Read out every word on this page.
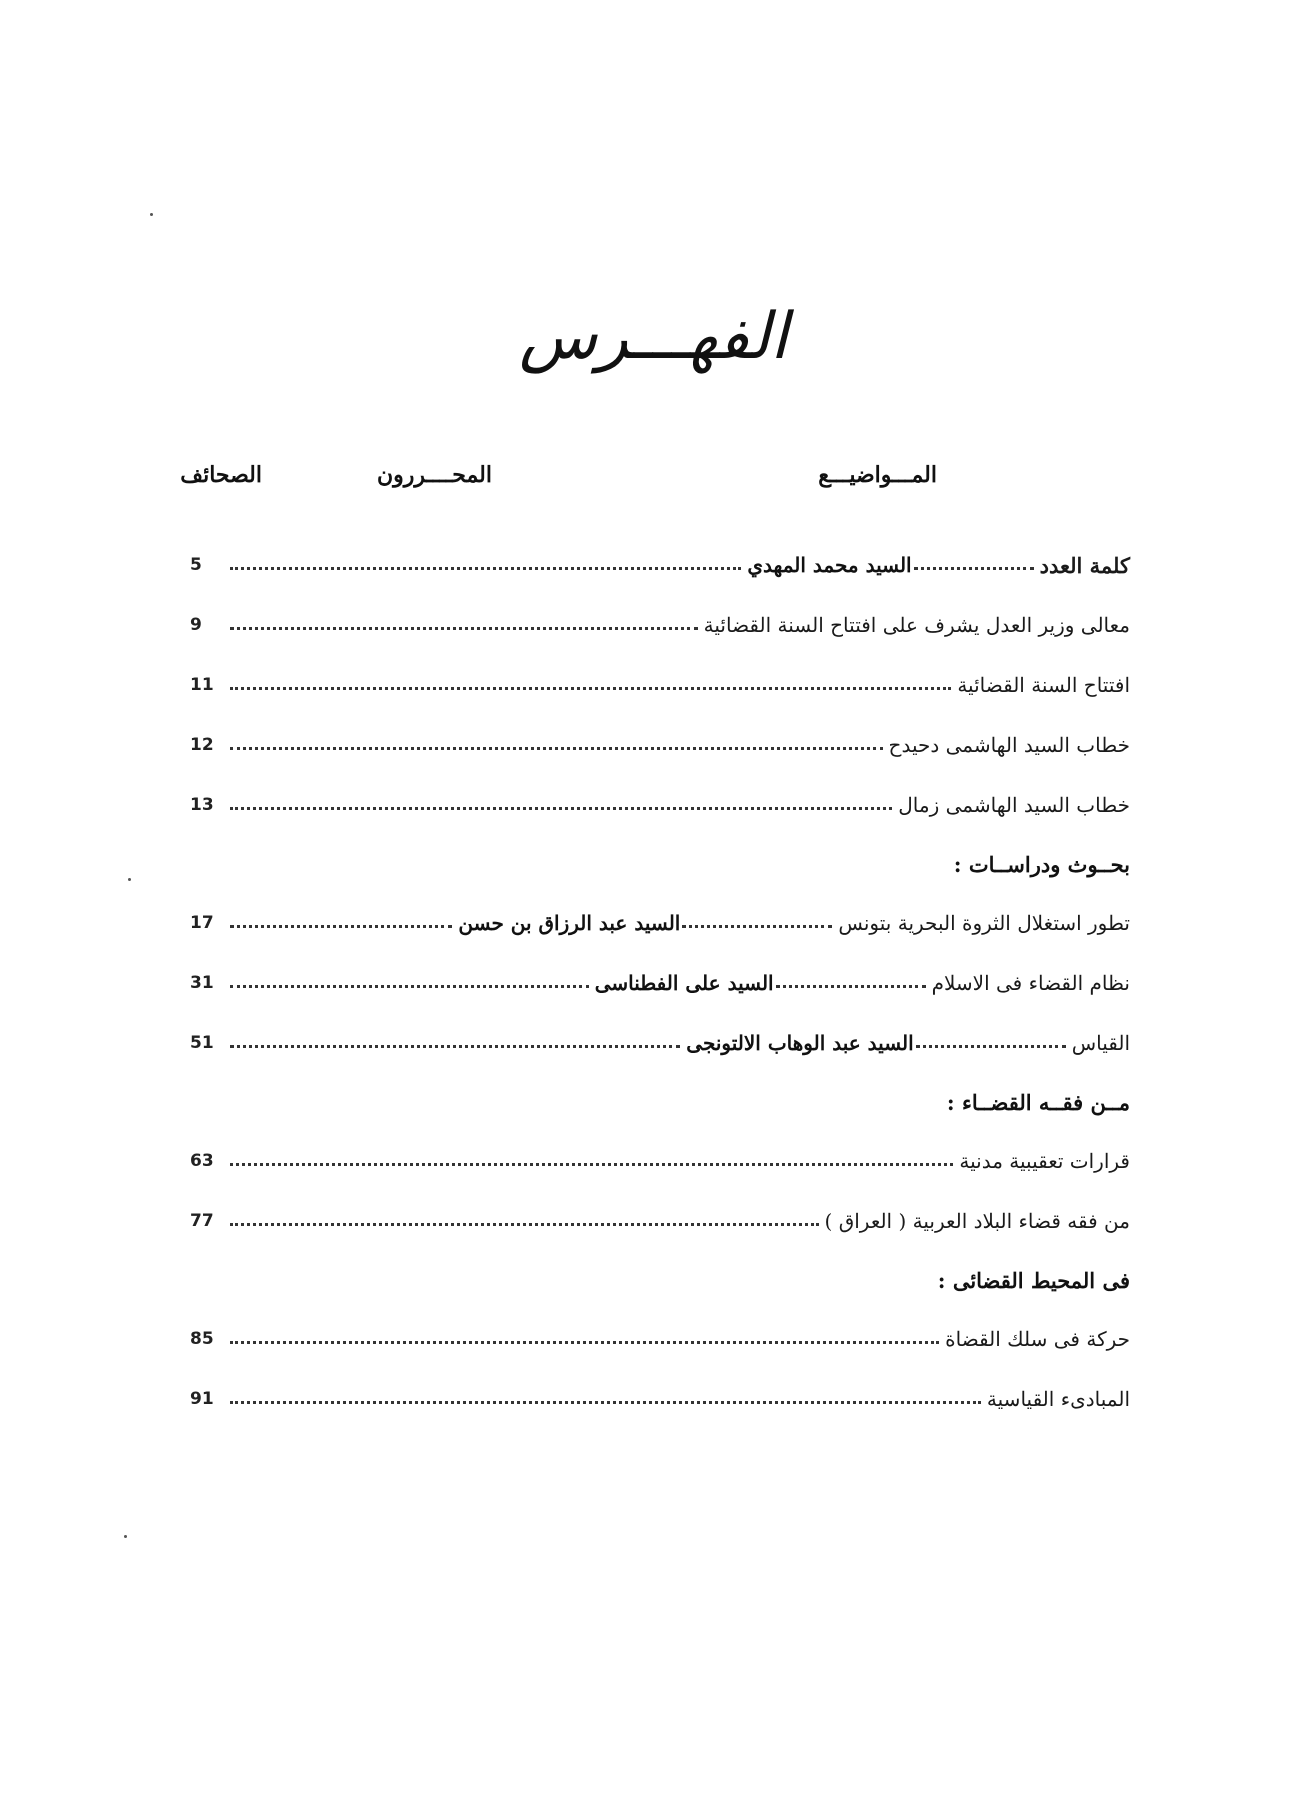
الفهـــرس
المـــواضيـــع
المحــــررون
الصحائف
كلمة العدد
السيد محمد المهدي
5
معالى وزير العدل يشرف على افتتاح السنة القضائية
9
افتتاح السنة القضائية
11
خطاب السيد الهاشمى دحيدح
12
خطاب السيد الهاشمى زمال
13
بحــوث ودراســات :
تطور استغلال الثروة البحرية بتونس
السيد عبد الرزاق بن حسن
17
نظام القضاء فى الاسلام
السيد على الفطناسى
31
القياس
السيد عبد الوهاب الالتونجى
51
مــن فقــه القضــاء :
قرارات تعقيبية مدنية
63
من فقه قضاء البلاد العربية ( العراق )
77
فى المحيط القضائى :
حركة فى سلك القضاة
85
المبادىء القياسية
91
